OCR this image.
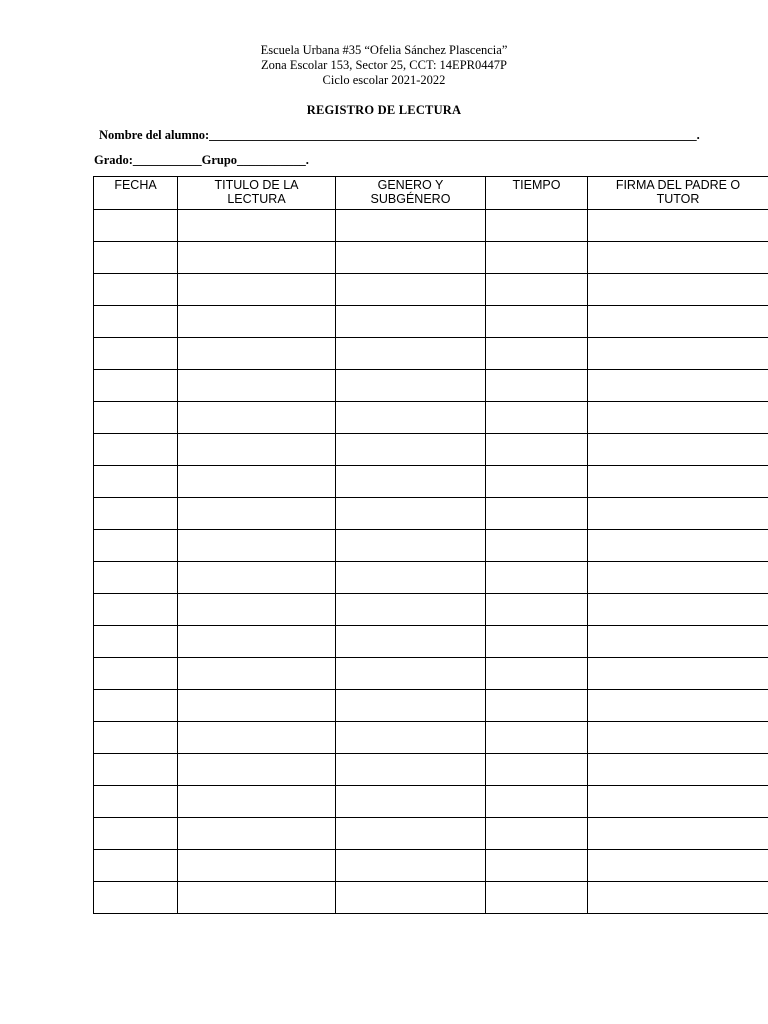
Escuela Urbana #35 “Ofelia Sánchez Plascencia”
Zona Escolar 153, Sector 25, CCT: 14EPR0447P
Ciclo escolar 2021-2022
REGISTRO DE LECTURA
Nombre del alumno:______________________________________________________________________________.
Grado:___________Grupo___________.
FECHA	TITULO DE LA LECTURA	GENERO Y SUBGÉNERO	TIEMPO	FIRMA DEL PADRE O TUTOR
